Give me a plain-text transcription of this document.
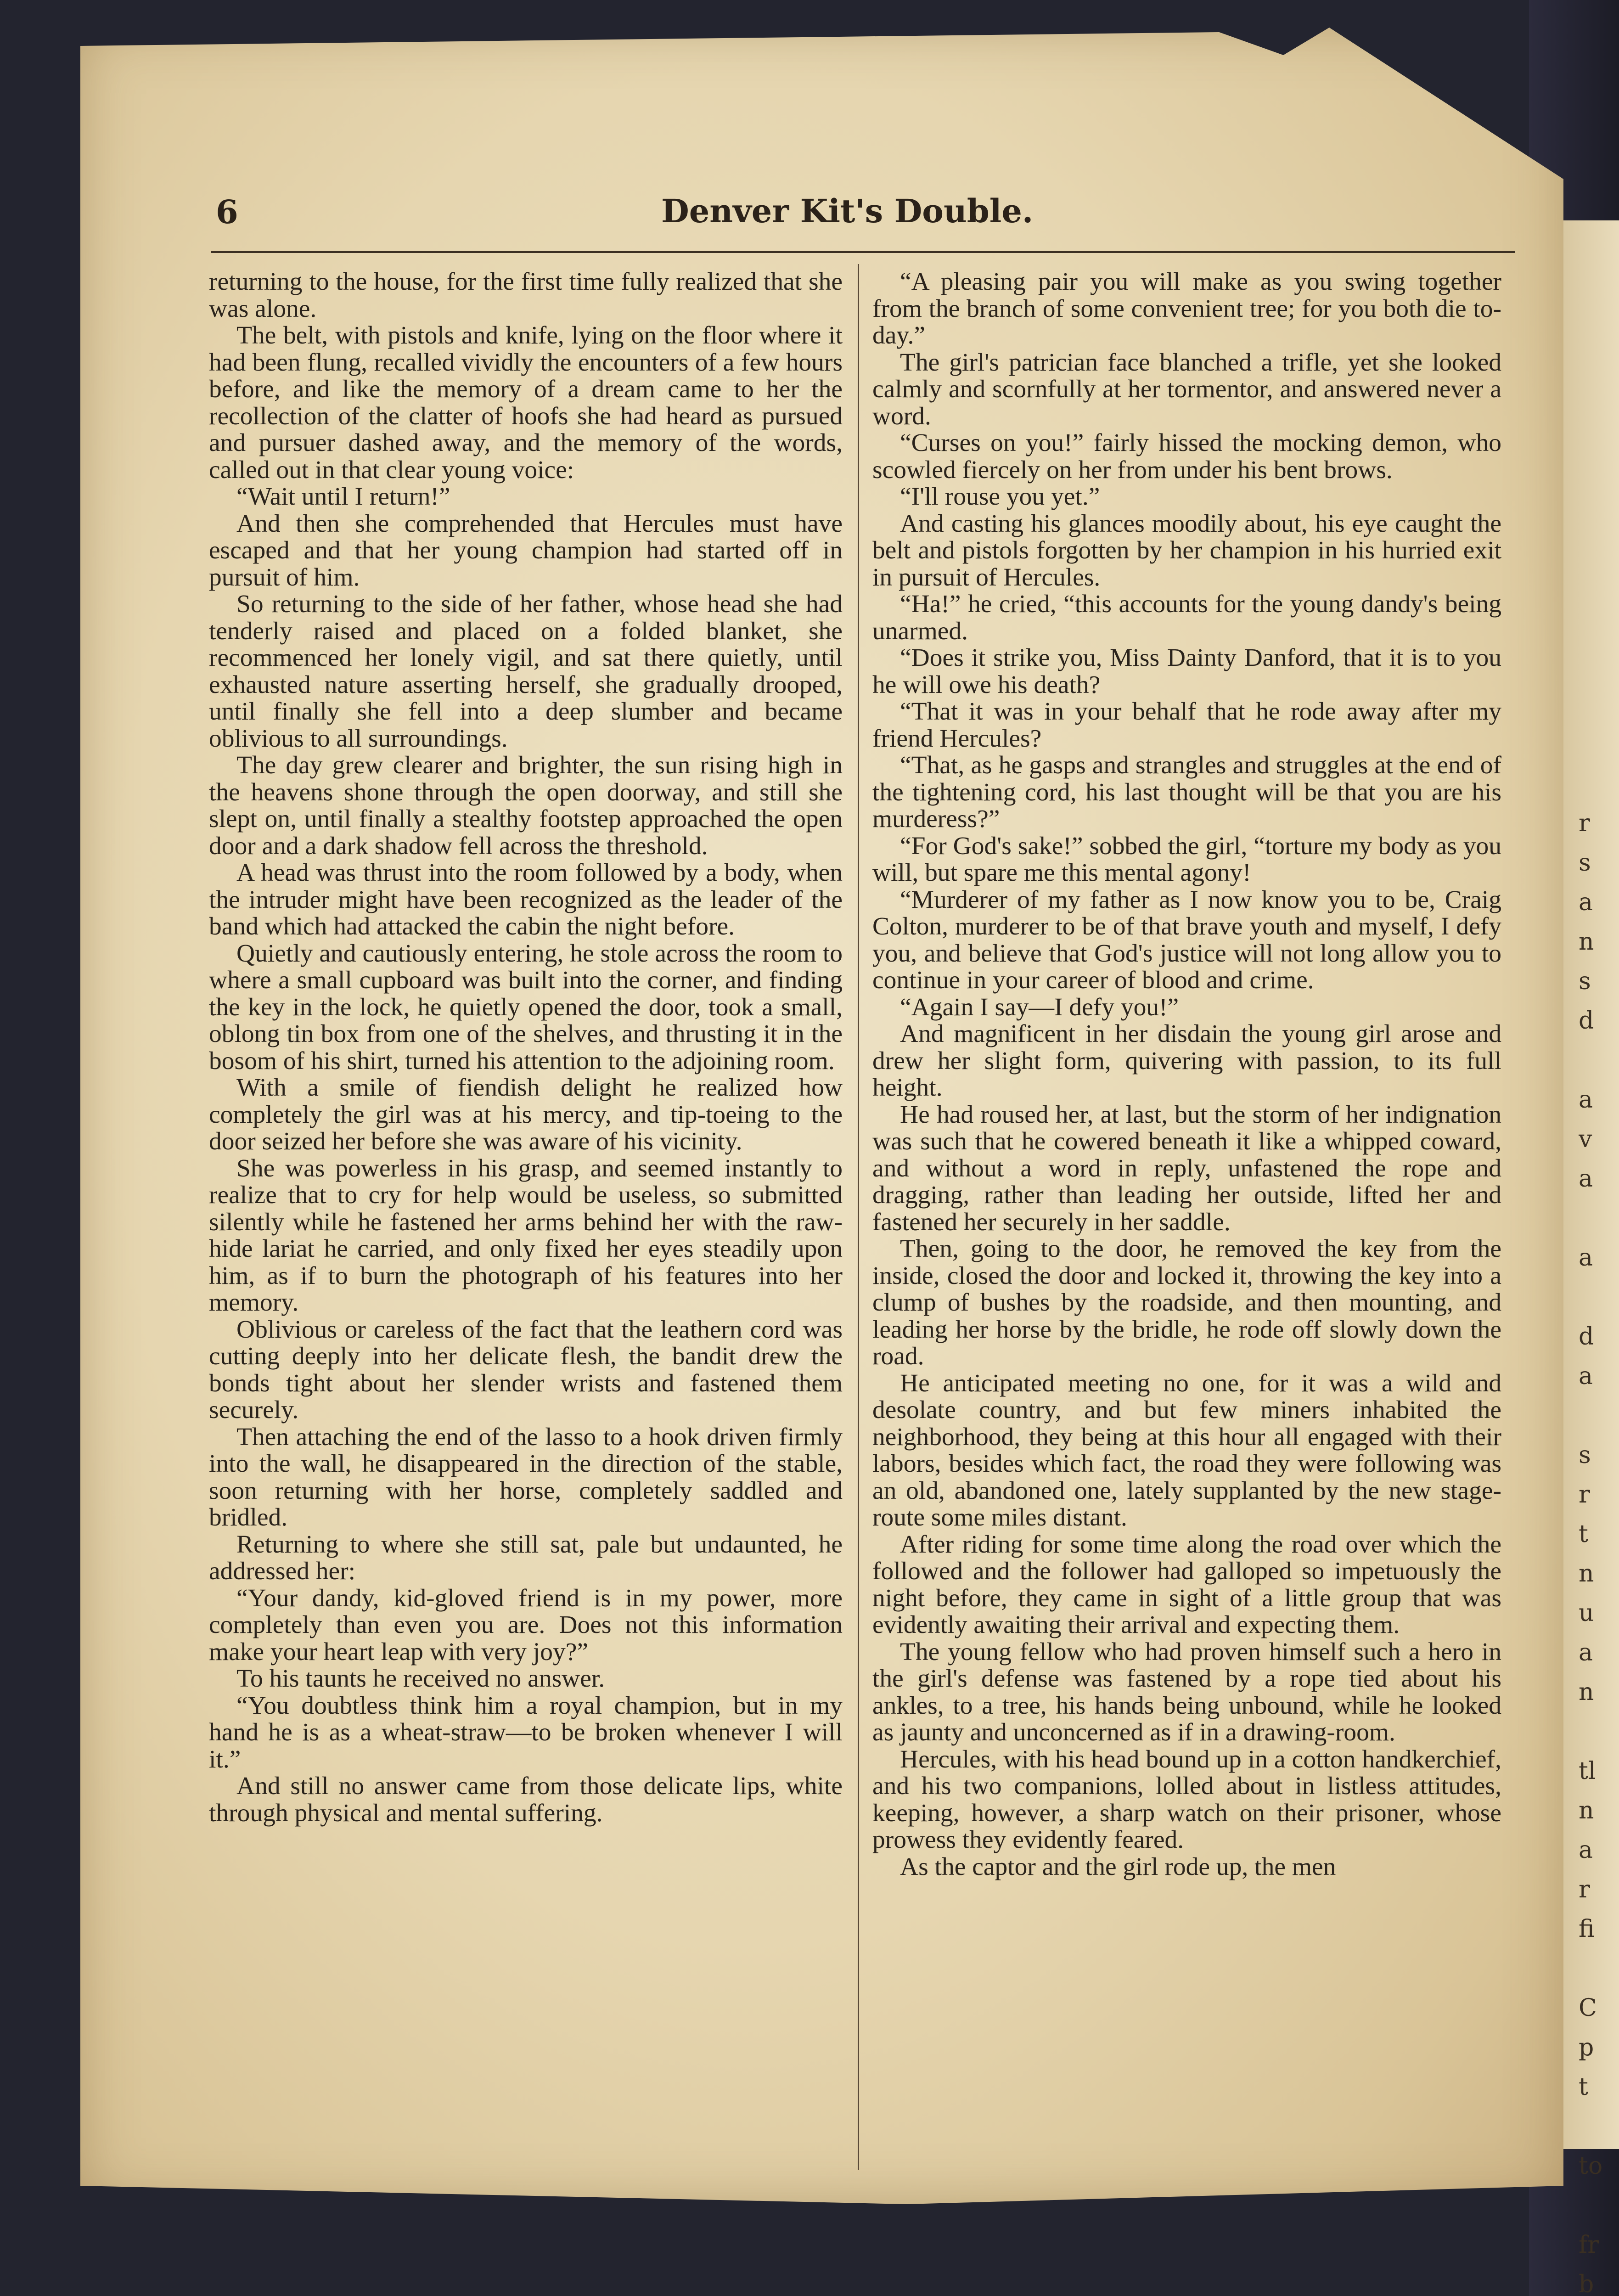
r
s
a
n
s
d

a
v
a

a

d
a

s
r
t
n
u
a
n

tl
n
a
r
fi

C
p
t

to

fr
b

6	Denver Kit's Double.

returning to the house, for the first time fully realized that she was alone.

The belt, with pistols and knife, lying on the floor where it had been flung, recalled vividly the encounters of a few hours before, and like the memory of a dream came to her the recollection of the clatter of hoofs she had heard as pursued and pursuer dashed away, and the memory of the words, called out in that clear young voice:

“Wait until I return!”

And then she comprehended that Hercules must have escaped and that her young champion had started off in pursuit of him.

So returning to the side of her father, whose head she had tenderly raised and placed on a folded blanket, she recommenced her lonely vigil, and sat there quietly, until exhausted nature asserting herself, she gradually drooped, until finally she fell into a deep slumber and became oblivious to all surroundings.

The day grew clearer and brighter, the sun rising high in the heavens shone through the open doorway, and still she slept on, until finally a stealthy footstep approached the open door and a dark shadow fell across the threshold.

A head was thrust into the room followed by a body, when the intruder might have been recognized as the leader of the band which had attacked the cabin the night before.

Quietly and cautiously entering, he stole across the room to where a small cupboard was built into the corner, and finding the key in the lock, he quietly opened the door, took a small, oblong tin box from one of the shelves, and thrusting it in the bosom of his shirt, turned his attention to the adjoining room.

With a smile of fiendish delight he realized how completely the girl was at his mercy, and tip-toeing to the door seized her before she was aware of his vicinity.

She was powerless in his grasp, and seemed instantly to realize that to cry for help would be useless, so submitted silently while he fastened her arms behind her with the raw-hide lariat he carried, and only fixed her eyes steadily upon him, as if to burn the photograph of his features into her memory.

Oblivious or careless of the fact that the leathern cord was cutting deeply into her delicate flesh, the bandit drew the bonds tight about her slender wrists and fastened them securely.

Then attaching the end of the lasso to a hook driven firmly into the wall, he disappeared in the direction of the stable, soon returning with her horse, completely saddled and bridled.

Returning to where she still sat, pale but undaunted, he addressed her:

“Your dandy, kid-gloved friend is in my power, more completely than even you are. Does not this information make your heart leap with very joy?”

To his taunts he received no answer.

“You doubtless think him a royal champion, but in my hand he is as a wheat-straw—to be broken whenever I will it.”

And still no answer came from those delicate lips, white through physical and mental suffering.

“A pleasing pair you will make as you swing together from the branch of some convenient tree; for you both die to-day.”

The girl's patrician face blanched a trifle, yet she looked calmly and scornfully at her tormentor, and answered never a word.

“Curses on you!” fairly hissed the mocking demon, who scowled fiercely on her from under his bent brows.

“I'll rouse you yet.”

And casting his glances moodily about, his eye caught the belt and pistols forgotten by her champion in his hurried exit in pursuit of Hercules.

“Ha!” he cried, “this accounts for the young dandy's being unarmed.

“Does it strike you, Miss Dainty Danford, that it is to you he will owe his death?

“That it was in your behalf that he rode away after my friend Hercules?

“That, as he gasps and strangles and struggles at the end of the tightening cord, his last thought will be that you are his murderess?”

“For God's sake!” sobbed the girl, “torture my body as you will, but spare me this mental agony!

“Murderer of my father as I now know you to be, Craig Colton, murderer to be of that brave youth and myself, I defy you, and believe that God's justice will not long allow you to continue in your career of blood and crime.

“Again I say—I defy you!”

And magnificent in her disdain the young girl arose and drew her slight form, quivering with passion, to its full height.

He had roused her, at last, but the storm of her indignation was such that he cowered beneath it like a whipped coward, and without a word in reply, unfastened the rope and dragging, rather than leading her outside, lifted her and fastened her securely in her saddle.

Then, going to the door, he removed the key from the inside, closed the door and locked it, throwing the key into a clump of bushes by the roadside, and then mounting, and leading her horse by the bridle, he rode off slowly down the road.

He anticipated meeting no one, for it was a wild and desolate country, and but few miners inhabited the neighborhood, they being at this hour all engaged with their labors, besides which fact, the road they were following was an old, abandoned one, lately supplanted by the new stage-route some miles distant.

After riding for some time along the road over which the followed and the follower had galloped so impetuously the night before, they came in sight of a little group that was evidently awaiting their arrival and expecting them.

The young fellow who had proven himself such a hero in the girl's defense was fastened by a rope tied about his ankles, to a tree, his hands being unbound, while he looked as jaunty and unconcerned as if in a drawing-room.

Hercules, with his head bound up in a cotton handkerchief, and his two companions, lolled about in listless attitudes, keeping, however, a sharp watch on their prisoner, whose prowess they evidently feared.

As the captor and the girl rode up, the men
